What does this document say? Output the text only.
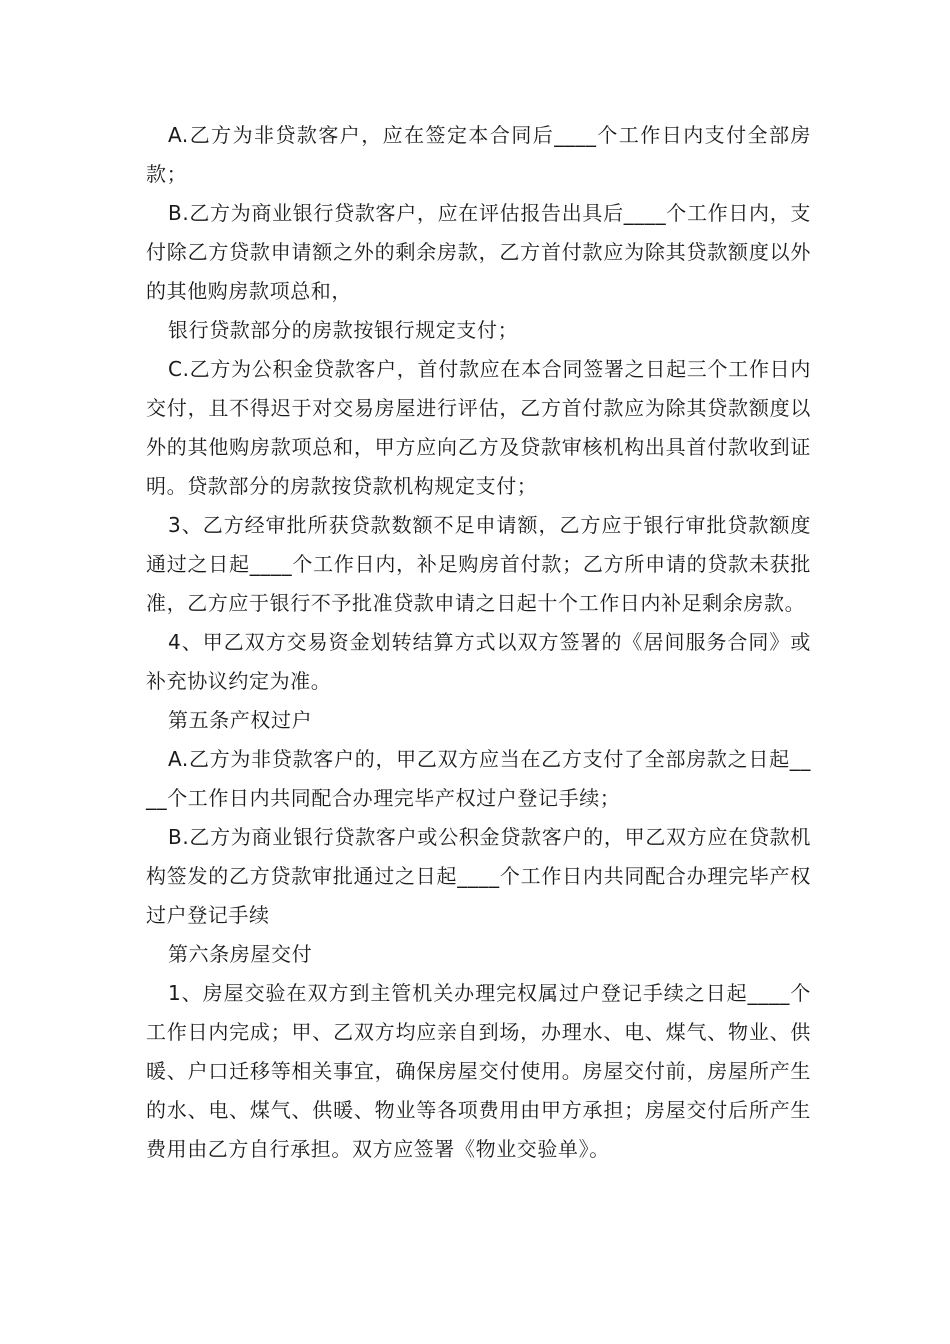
A.乙方为非贷款客户，应在签定本合同后____个工作日内支付全部房款；

B.乙方为商业银行贷款客户，应在评估报告出具后____个工作日内，支付除乙方贷款申请额之外的剩余房款，乙方首付款应为除其贷款额度以外的其他购房款项总和，

银行贷款部分的房款按银行规定支付；

C.乙方为公积金贷款客户，首付款应在本合同签署之日起三个工作日内交付，且不得迟于对交易房屋进行评估，乙方首付款应为除其贷款额度以外的其他购房款项总和，甲方应向乙方及贷款审核机构出具首付款收到证明。贷款部分的房款按贷款机构规定支付；

3、乙方经审批所获贷款数额不足申请额，乙方应于银行审批贷款额度通过之日起____个工作日内，补足购房首付款；乙方所申请的贷款未获批准，乙方应于银行不予批准贷款申请之日起十个工作日内补足剩余房款。

4、甲乙双方交易资金划转结算方式以双方签署的《居间服务合同》或补充协议约定为准。

第五条产权过户

A.乙方为非贷款客户的，甲乙双方应当在乙方支付了全部房款之日起____个工作日内共同配合办理完毕产权过户登记手续；

B.乙方为商业银行贷款客户或公积金贷款客户的，甲乙双方应在贷款机构签发的乙方贷款审批通过之日起____个工作日内共同配合办理完毕产权过户登记手续

第六条房屋交付

1、房屋交验在双方到主管机关办理完权属过户登记手续之日起____个工作日内完成；甲、乙双方均应亲自到场，办理水、电、煤气、物业、供暖、户口迁移等相关事宜，确保房屋交付使用。房屋交付前，房屋所产生的水、电、煤气、供暖、物业等各项费用由甲方承担；房屋交付后所产生费用由乙方自行承担。双方应签署《物业交验单》。
